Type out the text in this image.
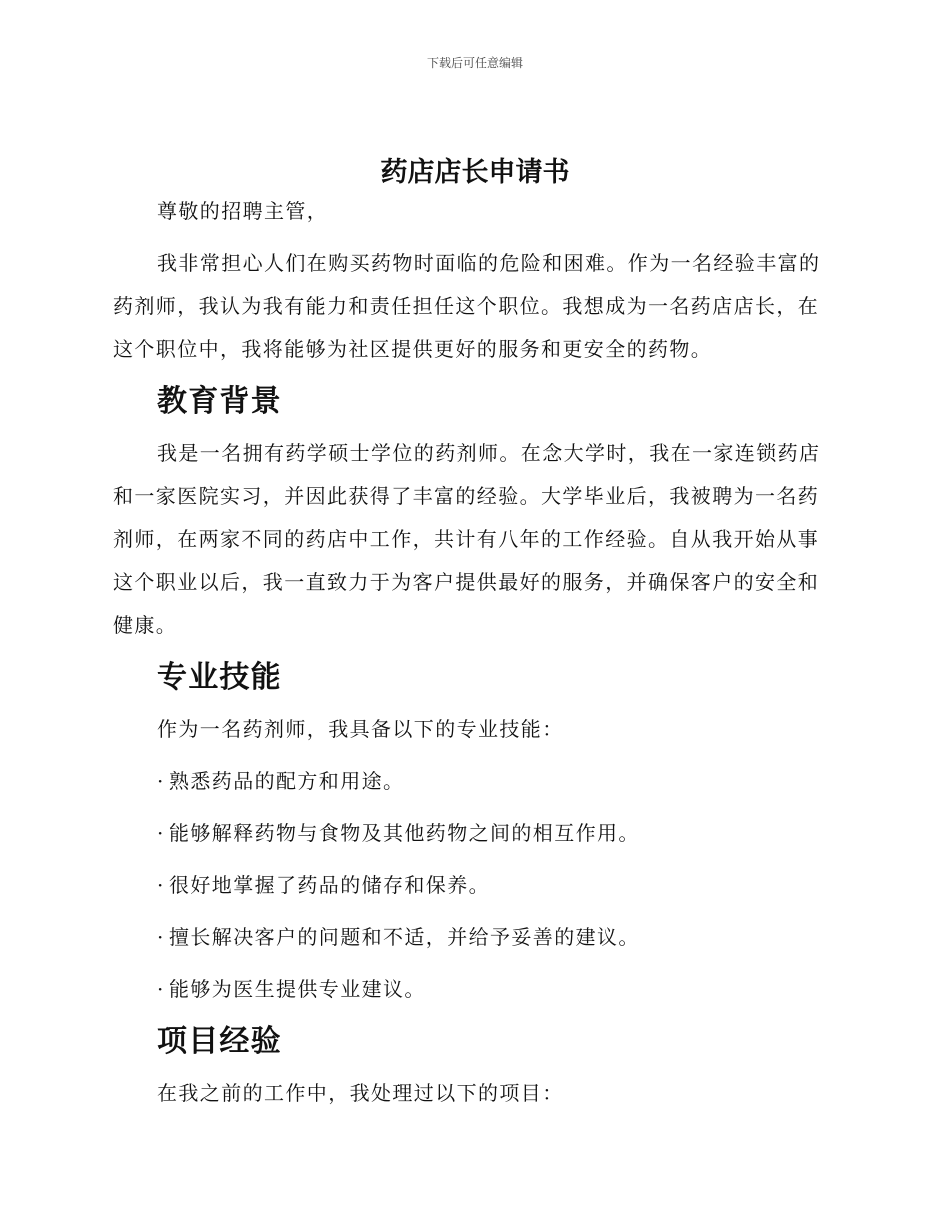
下载后可任意编辑
药店店长申请书

尊敬的招聘主管，

我非常担心人们在购买药物时面临的危险和困难。作为一名经验丰富的药剂师，我认为我有能力和责任担任这个职位。我想成为一名药店店长，在这个职位中，我将能够为社区提供更好的服务和更安全的药物。

教育背景

我是一名拥有药学硕士学位的药剂师。在念大学时，我在一家连锁药店和一家医院实习，并因此获得了丰富的经验。大学毕业后，我被聘为一名药剂师，在两家不同的药店中工作，共计有八年的工作经验。自从我开始从事这个职业以后，我一直致力于为客户提供最好的服务，并确保客户的安全和健康。

专业技能

作为一名药剂师，我具备以下的专业技能：

· 熟悉药品的配方和用途。

· 能够解释药物与食物及其他药物之间的相互作用。

· 很好地掌握了药品的储存和保养。

· 擅长解决客户的问题和不适，并给予妥善的建议。

· 能够为医生提供专业建议。

项目经验

在我之前的工作中，我处理过以下的项目：
